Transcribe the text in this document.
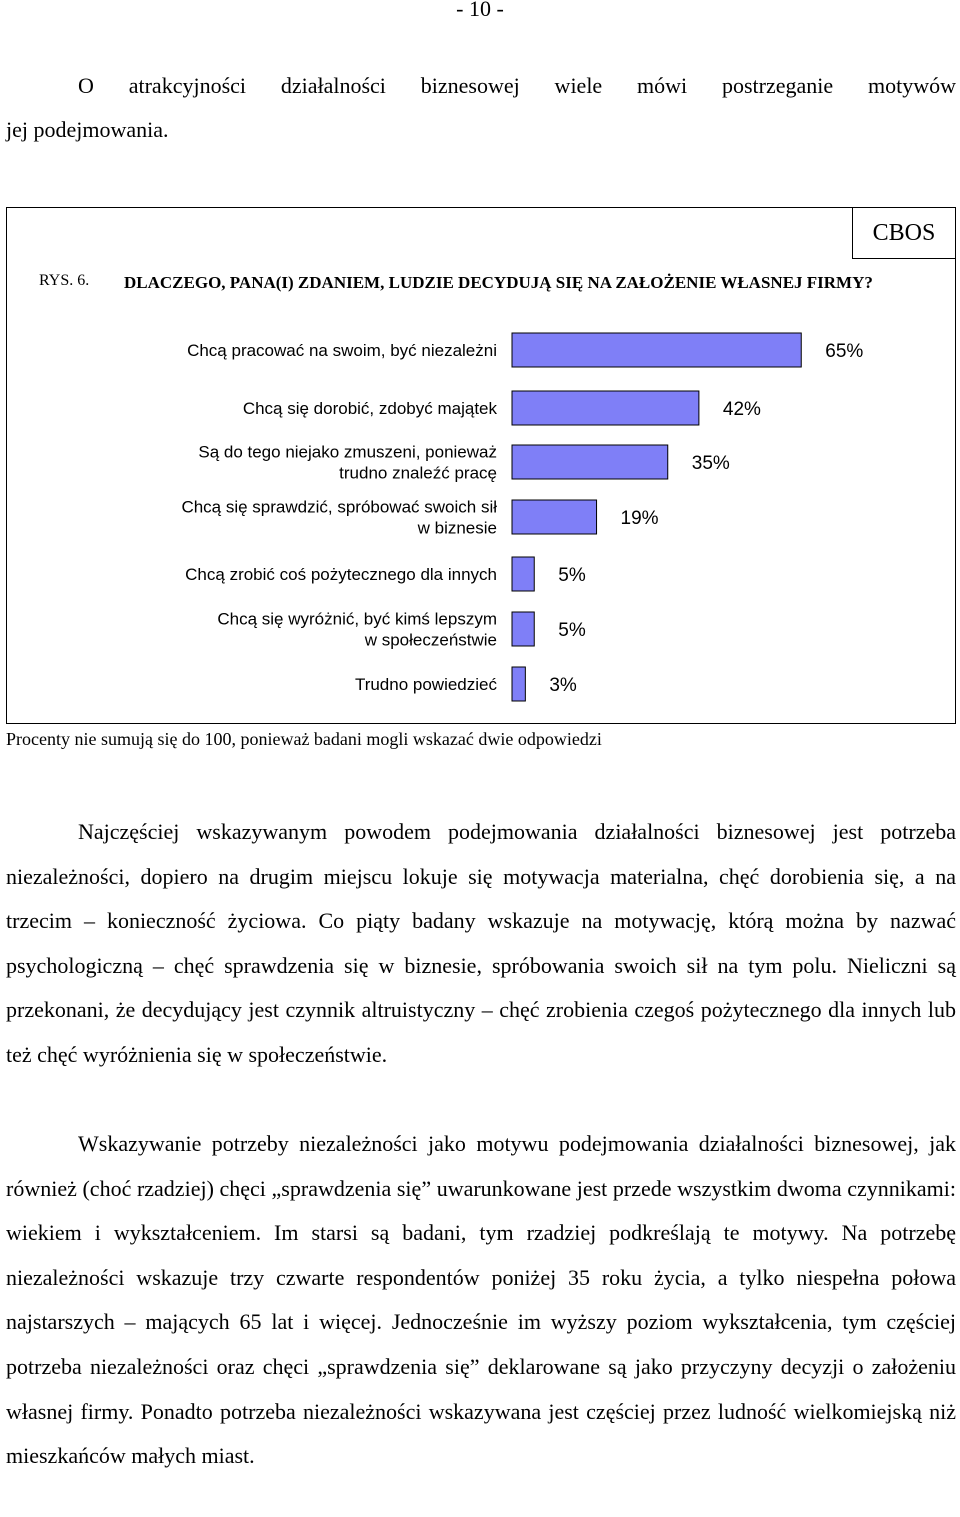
- 10 -
O atrakcyjności działalności biznesowej wiele mówi postrzeganie motywów
jej podejmowania.
CBOS
RYS. 6. DLACZEGO, PANA(I) ZDANIEM, LUDZIE DECYDUJĄ SIĘ NA ZAŁOŻENIE WŁASNEJ FIRMY?
65%
Chcą pracować na swoim, być niezależni
42%
Chcą się dorobić, zdobyć majątek
35%
Są do tego niejako zmuszeni, ponieważ trudno znaleźć pracę
19%
Chcą się sprawdzić, spróbować swoich sił w biznesie
5%
Chcą zrobić coś pożytecznego dla innych
5%
Chcą się wyróżnić, być kimś lepszym w społeczeństwie
3%
Trudno powiedzieć
Procenty nie sumują się do 100, ponieważ badani mogli wskazać dwie odpowiedzi
Najczęściej wskazywanym powodem podejmowania działalności biznesowej jest potrzeba niezależności, dopiero na drugim miejscu lokuje się motywacja materialna, chęć dorobienia się, a na trzecim – konieczność życiowa. Co piąty badany wskazuje na motywację, którą można by nazwać psychologiczną – chęć sprawdzenia się w biznesie, spróbowania swoich sił na tym polu. Nieliczni są przekonani, że decydujący jest czynnik altruistyczny – chęć zrobienia czegoś pożytecznego dla innych lub też chęć wyróżnienia się w społeczeństwie.
Wskazywanie potrzeby niezależności jako motywu podejmowania działalności biznesowej, jak również (choć rzadziej) chęci „sprawdzenia się” uwarunkowane jest przede wszystkim dwoma czynnikami: wiekiem i wykształceniem. Im starsi są badani, tym rzadziej podkreślają te motywy. Na potrzebę niezależności wskazuje trzy czwarte respondentów poniżej 35 roku życia, a tylko niespełna połowa najstarszych – mających 65 lat i więcej. Jednocześnie im wyższy poziom wykształcenia, tym częściej potrzeba niezależności oraz chęci „sprawdzenia się” deklarowane są jako przyczyny decyzji o założeniu własnej firmy. Ponadto potrzeba niezależności wskazywana jest częściej przez ludność wielkomiejską niż mieszkańców małych miast.
